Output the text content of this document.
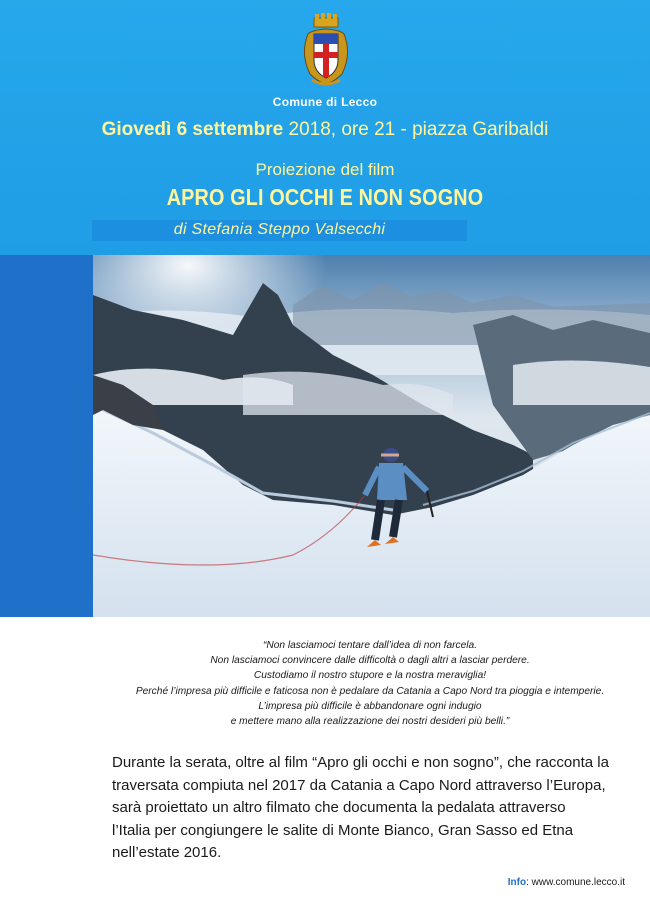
Comune di Lecco
Giovedì 6 settembre 2018, ore 21 - piazza Garibaldi
Proiezione del film
APRO GLI OCCHI E NON SOGNO
di Stefania Steppo Valsecchi
“Non lasciamoci tentare dall’idea di non farcela.
Non lasciamoci convincere dalle difficoltà o dagli altri a lasciar perdere.
Custodiamo il nostro stupore e la nostra meraviglia!
Perché l’impresa più difficile e faticosa non è pedalare da Catania a Capo Nord tra pioggia e intemperie.
L’impresa più difficile è abbandonare ogni indugio
e mettere mano alla realizzazione dei nostri desideri più belli.”
Durante la serata, oltre al film “Apro gli occhi e non sogno”, che racconta la
traversata compiuta nel 2017 da Catania a Capo Nord attraverso l’Europa,
sarà proiettato un altro filmato che documenta la pedalata attraverso
l’Italia per congiungere le salite di Monte Bianco, Gran Sasso ed Etna
nell’estate 2016.
Info: www.comune.lecco.it
